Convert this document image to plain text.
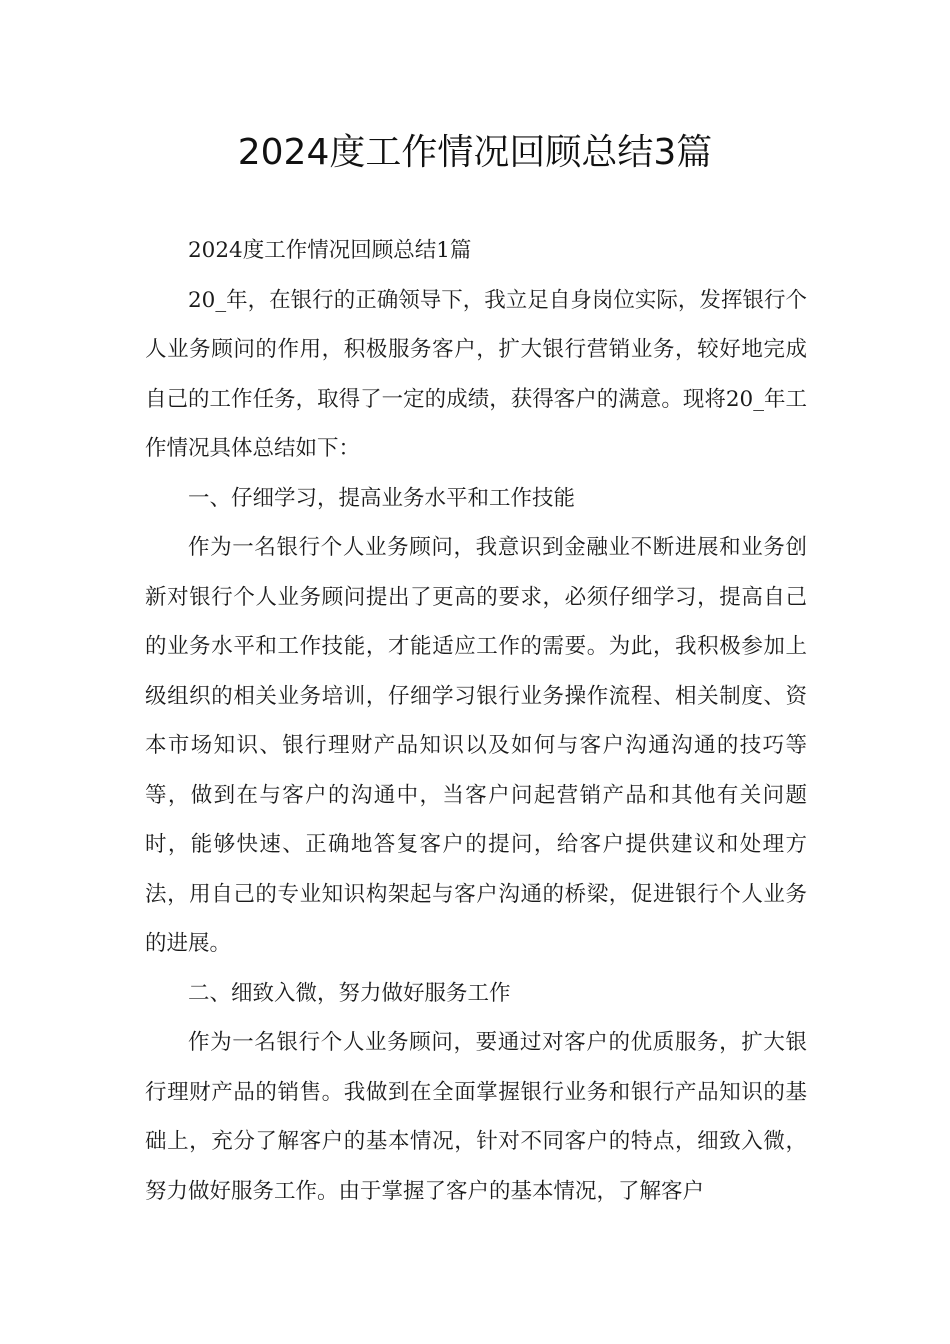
2024度工作情况回顾总结3篇

2024度工作情况回顾总结1篇

20_年，在银行的正确领导下，我立足自身岗位实际，发挥银行个人业务顾问的作用，积极服务客户，扩大银行营销业务，较好地完成自己的工作任务，取得了一定的成绩，获得客户的满意。现将20_年工作情况具体总结如下：

一、仔细学习，提高业务水平和工作技能

作为一名银行个人业务顾问，我意识到金融业不断进展和业务创新对银行个人业务顾问提出了更高的要求，必须仔细学习，提高自己的业务水平和工作技能，才能适应工作的需要。为此，我积极参加上级组织的相关业务培训，仔细学习银行业务操作流程、相关制度、资本市场知识、银行理财产品知识以及如何与客户沟通沟通的技巧等等，做到在与客户的沟通中，当客户问起营销产品和其他有关问题时，能够快速、正确地答复客户的提问，给客户提供建议和处理方法，用自己的专业知识构架起与客户沟通的桥梁，促进银行个人业务的进展。

二、细致入微，努力做好服务工作

作为一名银行个人业务顾问，要通过对客户的优质服务，扩大银行理财产品的销售。我做到在全面掌握银行业务和银行产品知识的基础上，充分了解客户的基本情况，针对不同客户的特点，细致入微，努力做好服务工作。由于掌握了客户的基本情况，了解客户
